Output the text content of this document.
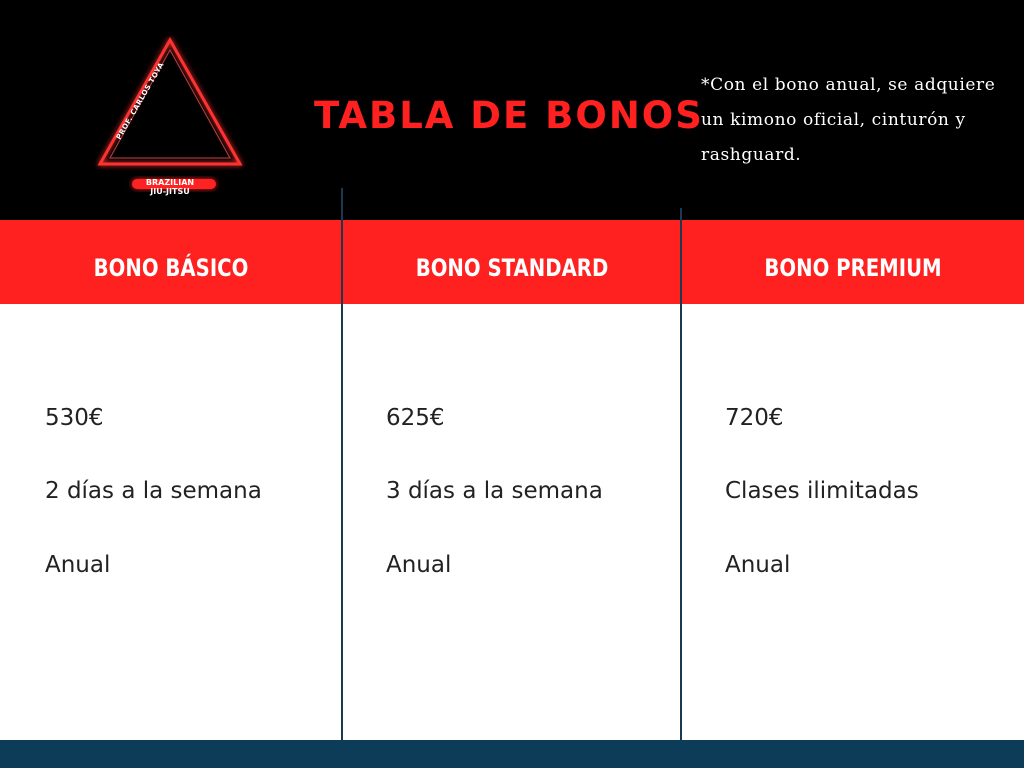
PROF. CARLOS TOYA
BRAZILIAN
JIU-JITSU
TABLA DE BONOS
*Con el bono anual, se adquiere un kimono oficial, cinturón y rashguard.
BONO BÁSICO	BONO STANDARD	BONO PREMIUM

530€

2 días a la semana

Anual

625€

3 días a la semana

Anual

720€

Clases ilimitadas

Anual
